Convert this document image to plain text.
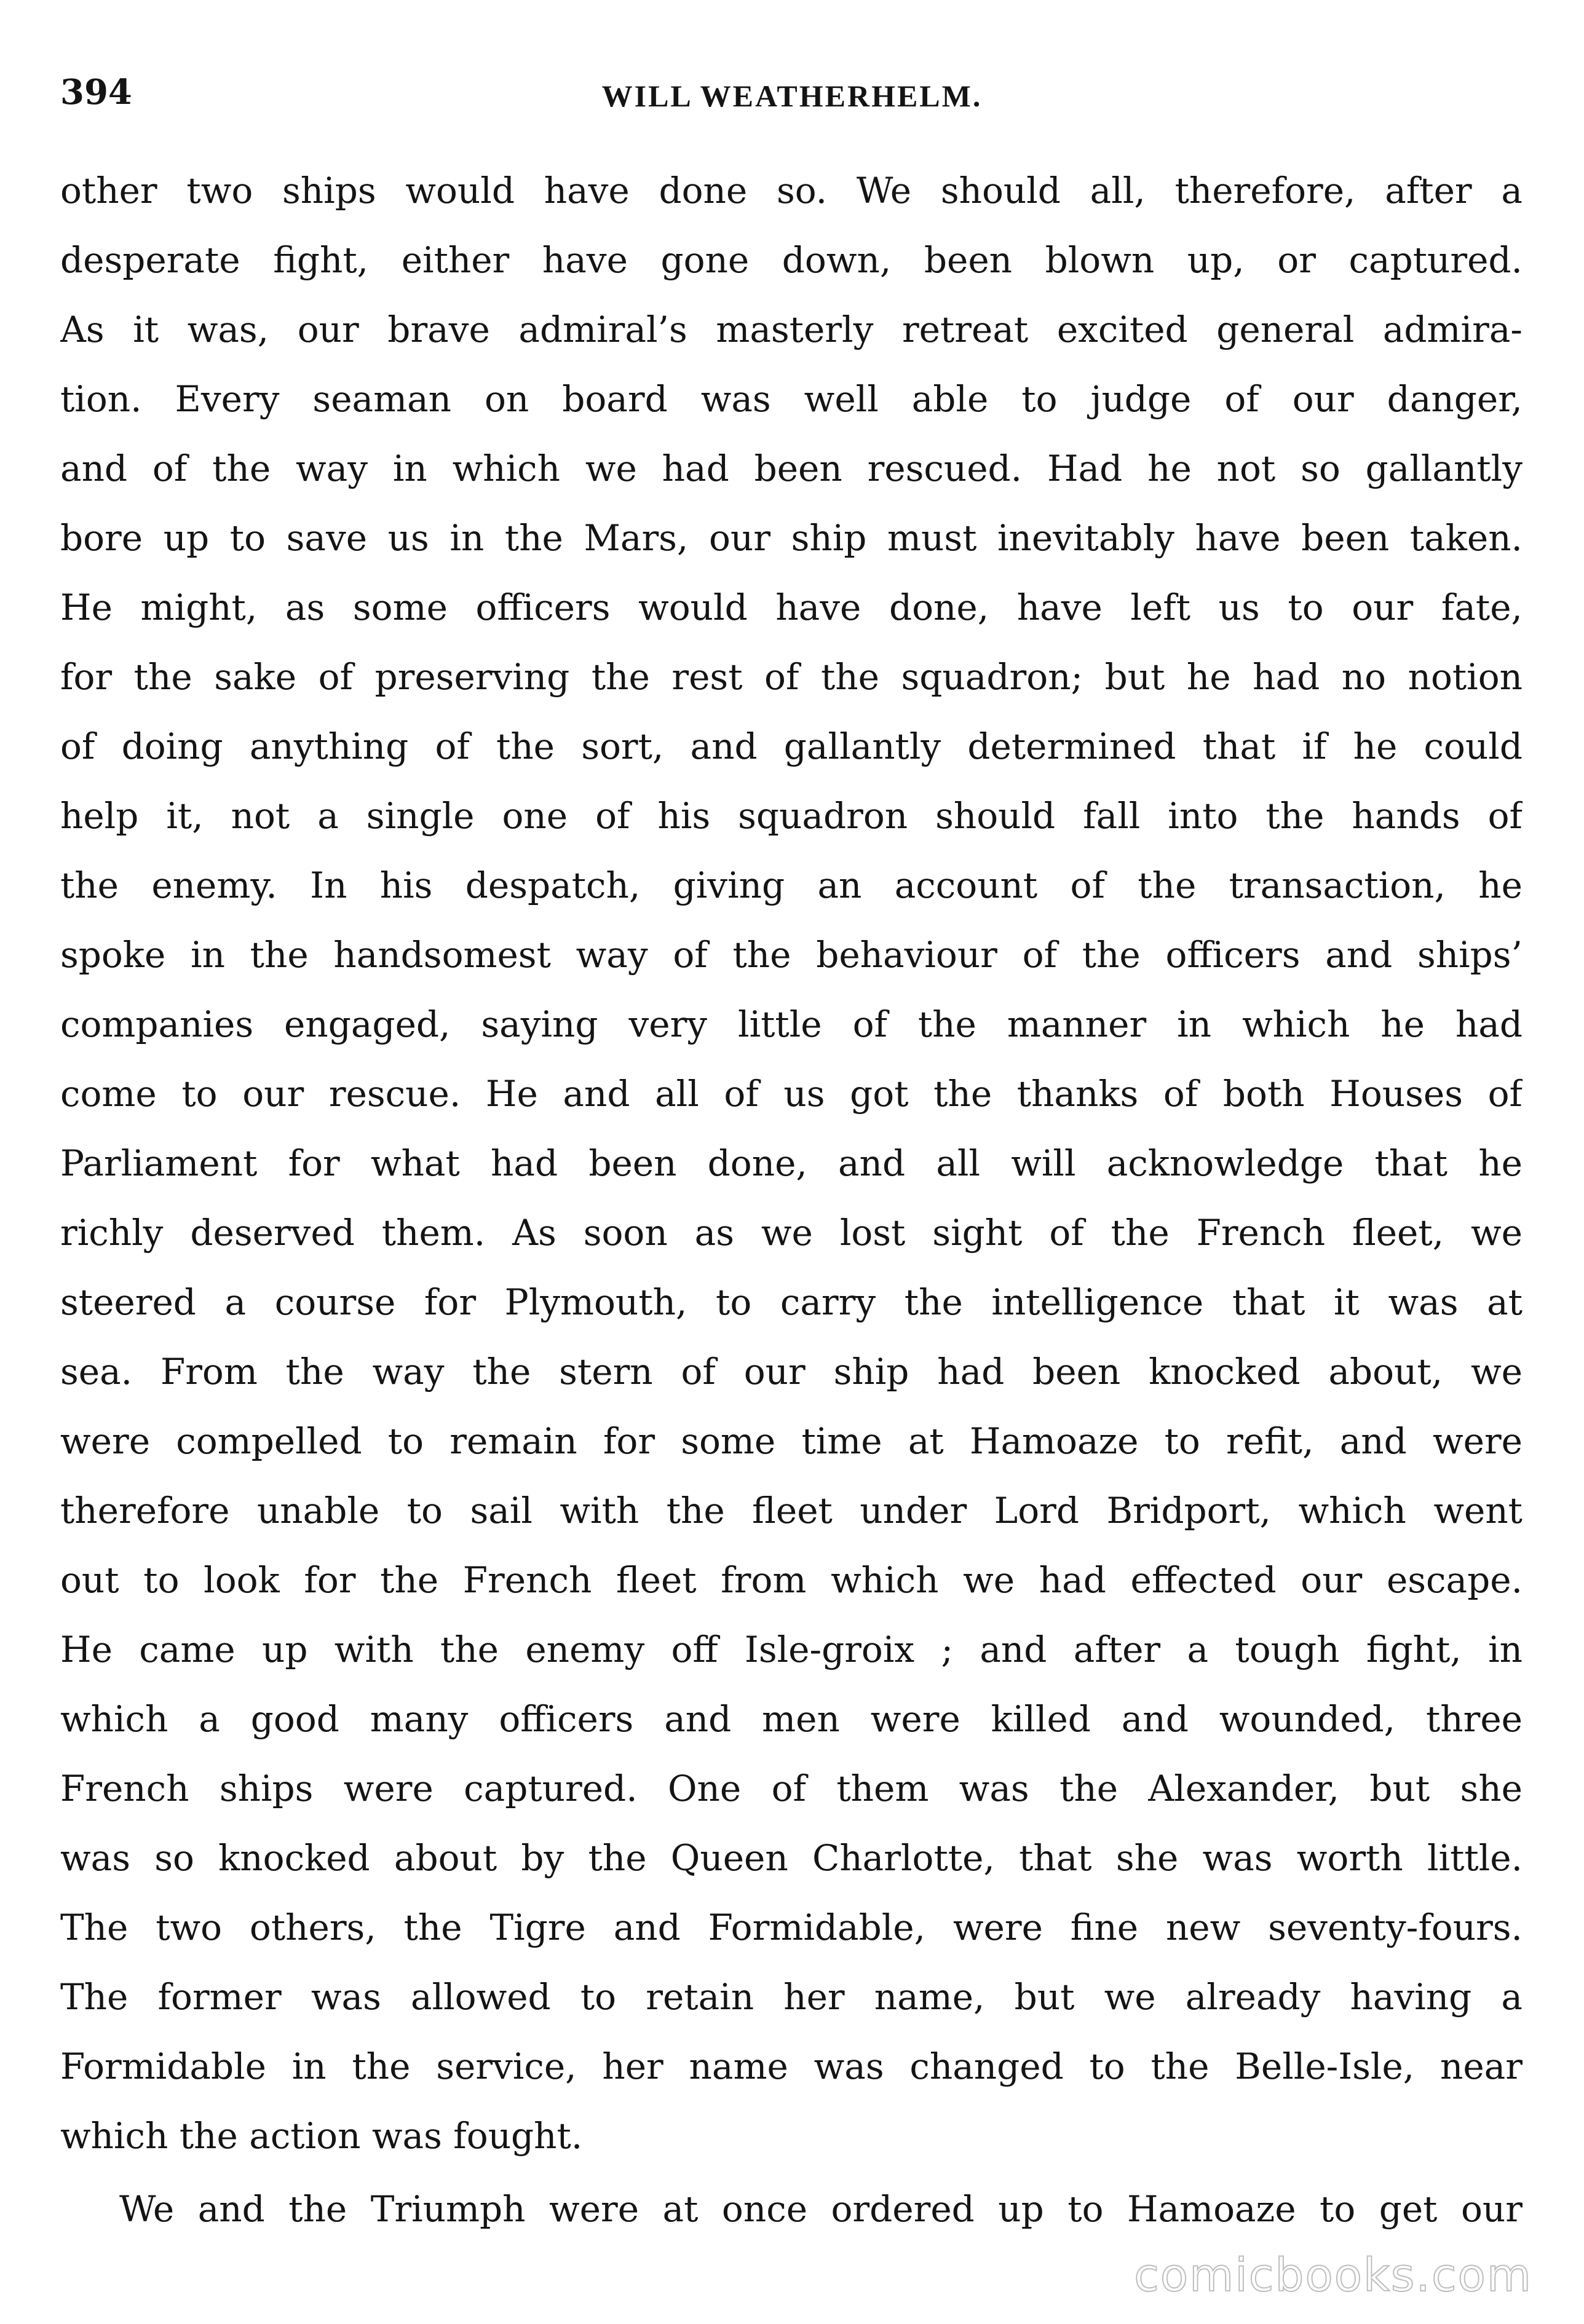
394	WILL WEATHERHELM.
other two ships would have done so. We should all, therefore, after a
desperate fight, either have gone down, been blown up, or captured.
As it was, our brave admiral’s masterly retreat excited general admira-
tion. Every seaman on board was well able to judge of our danger,
and of the way in which we had been rescued. Had he not so gallantly
bore up to save us in the Mars, our ship must inevitably have been taken.
He might, as some officers would have done, have left us to our fate,
for the sake of preserving the rest of the squadron; but he had no notion
of doing anything of the sort, and gallantly determined that if he could
help it, not a single one of his squadron should fall into the hands of
the enemy. In his despatch, giving an account of the transaction, he
spoke in the handsomest way of the behaviour of the officers and ships’
companies engaged, saying very little of the manner in which he had
come to our rescue. He and all of us got the thanks of both Houses of
Parliament for what had been done, and all will acknowledge that he
richly deserved them. As soon as we lost sight of the French fleet, we
steered a course for Plymouth, to carry the intelligence that it was at
sea. From the way the stern of our ship had been knocked about, we
were compelled to remain for some time at Hamoaze to refit, and were
therefore unable to sail with the fleet under Lord Bridport, which went
out to look for the French fleet from which we had effected our escape.
He came up with the enemy off Isle-groix ; and after a tough fight, in
which a good many officers and men were killed and wounded, three
French ships were captured. One of them was the Alexander, but she
was so knocked about by the Queen Charlotte, that she was worth little.
The two others, the Tigre and Formidable, were fine new seventy-fours.
The former was allowed to retain her name, but we already having a
Formidable in the service, her name was changed to the Belle-Isle, near
which the action was fought.
We and the Triumph were at once ordered up to Hamoaze to get our
comicbooks.com
